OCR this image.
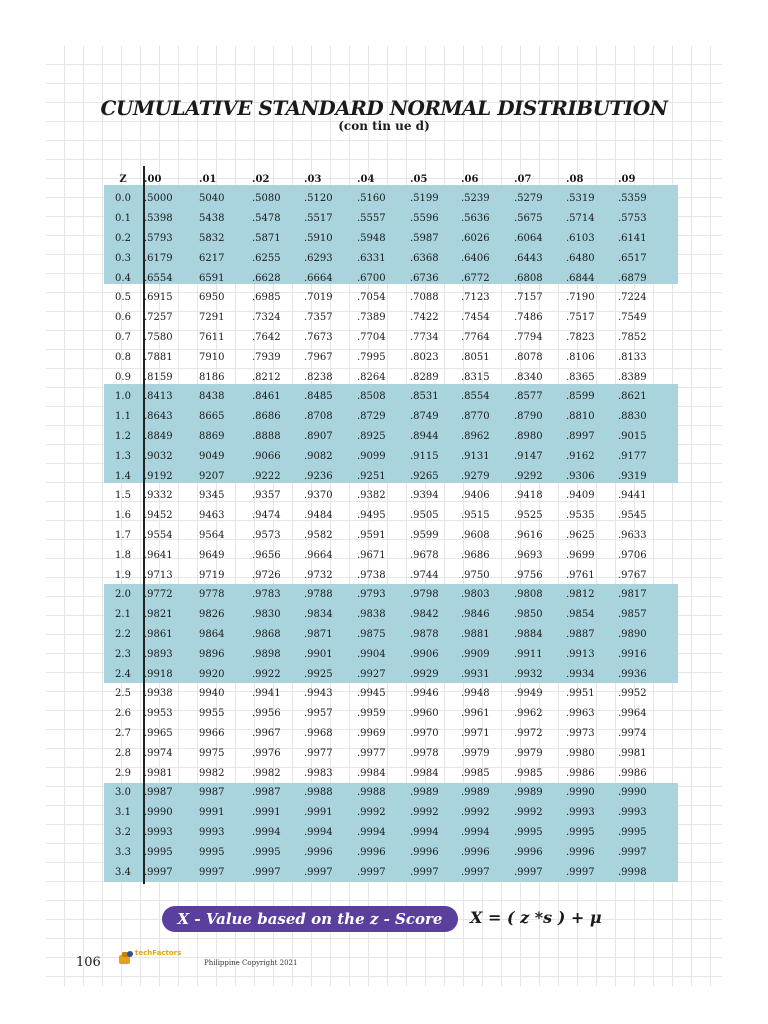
CUMULATIVE STANDARD NORMAL DISTRIBUTION
(con tin ue d)
Z	.00	.01	.02	.03	.04	.05	.06	.07	.08	.09
0.0	.5000	5040	.5080 .5120 .5160 .5199 .5239 .5279 .5319 .5359
0.1	.5398	5438	.5478 .5517 .5557 .5596 .5636 .5675 .5714 .5753
0.2	.5793	5832	.5871 .5910 .5948 .5987 .6026 .6064 .6103 .6141
0.3	.6179	6217	.6255 .6293 .6331 .6368 .6406 .6443 .6480 .6517
0.4	.6554	6591	.6628 .6664 .6700 .6736 .6772 .6808 .6844 .6879
0.5	.6915	6950	.6985 .7019 .7054 .7088 .7123 .7157 .7190 .7224
0.6	.7257	7291	.7324 .7357 .7389 .7422 .7454 .7486 .7517 .7549
0.7	.7580	7611	.7642 .7673 .7704 .7734 .7764 .7794 .7823 .7852
0.8	.7881	7910	.7939 .7967 .7995 .8023 .8051 .8078 .8106 .8133
0.9	.8159	8186	.8212 .8238 .8264 .8289 .8315 .8340 .8365 .8389
1.0	.8413	8438	.8461 .8485 .8508 .8531 .8554 .8577 .8599 .8621
1.1	.8643	8665	.8686 .8708 .8729 .8749 .8770 .8790 .8810 .8830
1.2	.8849	8869	.8888 .8907 .8925 .8944 .8962 .8980 .8997 .9015
1.3	.9032	9049	.9066 .9082 .9099 .9115 .9131 .9147 .9162 .9177
1.4	.9192	9207	.9222 .9236 .9251 .9265 .9279 .9292 .9306 .9319
1.5	.9332	9345	.9357 .9370 .9382 .9394 .9406 .9418 .9409 .9441
1.6	.9452	9463	.9474 .9484 .9495 .9505 .9515 .9525 .9535 .9545
1.7	.9554	9564	.9573 .9582 .9591 .9599 .9608 .9616 .9625 .9633
1.8	.9641	9649	.9656 .9664 .9671 .9678 .9686 .9693 .9699 .9706
1.9	.9713	9719	.9726 .9732 .9738 .9744 .9750 .9756 .9761 .9767
2.0	.9772	9778	.9783 .9788 .9793 .9798 .9803 .9808 .9812 .9817
2.1	.9821	9826	.9830 .9834 .9838 .9842 .9846 .9850 .9854 .9857
2.2	.9861	9864	.9868 .9871 .9875 .9878 .9881 .9884 .9887 .9890
2.3	.9893	9896	.9898 .9901 .9904 .9906 .9909 .9911 .9913 .9916
2.4	.9918	9920	.9922 .9925 .9927 .9929 .9931 .9932 .9934 .9936
2.5	.9938	9940	.9941 .9943 .9945 .9946 .9948 .9949 .9951 .9952
2.6	.9953	9955	.9956 .9957 .9959 .9960 .9961 .9962 .9963 .9964
2.7	.9965	9966	.9967 .9968 .9969 .9970 .9971 .9972 .9973 .9974
2.8	.9974	9975	.9976 .9977 .9977 .9978 .9979 .9979 .9980 .9981
2.9	.9981	9982	.9982 .9983 .9984 .9984 .9985 .9985 .9986 .9986
3.0	.9987	9987	.9987 .9988 .9988 .9989 .9989 .9989 .9990 .9990
3.1	.9990	9991	.9991 .9991 .9992 .9992 .9992 .9992 .9993 .9993
3.2	.9993	9993	.9994 .9994 .9994 .9994 .9994 .9995 .9995 .9995
3.3	.9995	9995	.9995 .9996 .9996 .9996 .9996 .9996 .9996 .9997
3.4	.9997	9997	.9997 .9997 .9997 .9997 .9997 .9997 .9997 .9998
X - Value based on the z - Score	X = ( z *s ) + μ
106
techFactors
Philippine Copyright 2021
